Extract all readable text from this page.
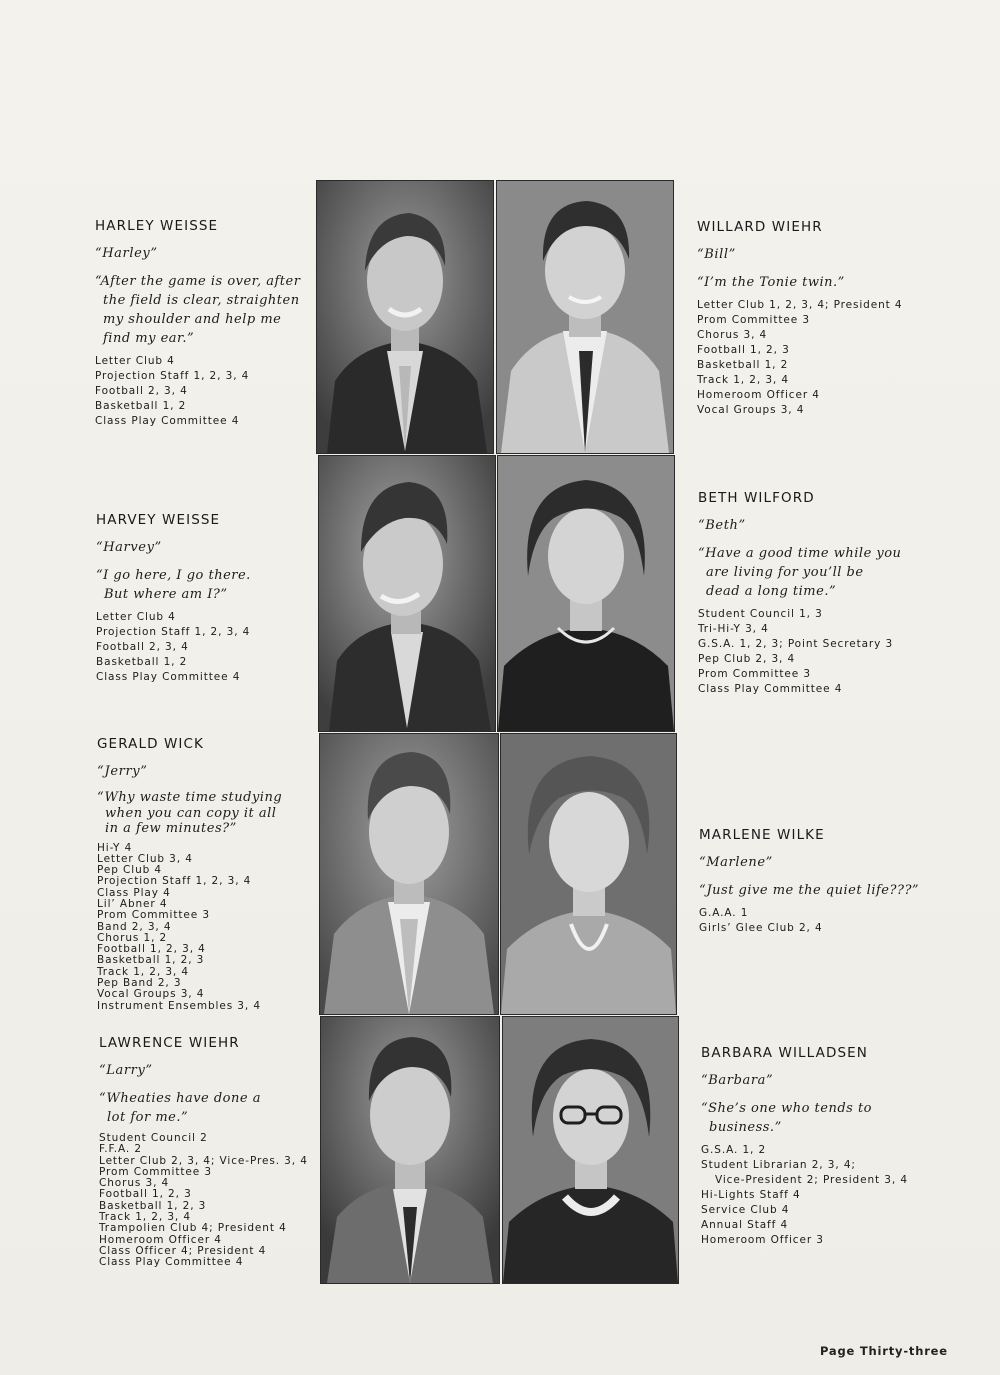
HARLEY WEISSE
“Harley”
“After the game is over, after
the field is clear, straighten
my shoulder and help me
find my ear.”
Letter Club 4
Projection Staff 1, 2, 3, 4
Football 2, 3, 4
Basketball 1, 2
Class Play Committee 4
HARVEY WEISSE
“Harvey”
“I go here, I go there.
But where am I?”
Letter Club 4
Projection Staff 1, 2, 3, 4
Football 2, 3, 4
Basketball 1, 2
Class Play Committee 4
GERALD WICK
“Jerry”
“Why waste time studying
when you can copy it all
in a few minutes?”
Hi-Y 4
Letter Club 3, 4
Pep Club 4
Projection Staff 1, 2, 3, 4
Class Play 4
Lil’ Abner 4
Prom Committee 3
Band 2, 3, 4
Chorus 1, 2
Football 1, 2, 3, 4
Basketball 1, 2, 3
Track 1, 2, 3, 4
Pep Band 2, 3
Vocal Groups 3, 4
Instrument Ensembles 3, 4
LAWRENCE WIEHR
“Larry”
“Wheaties have done a
lot for me.”
Student Council 2
F.F.A. 2
Letter Club 2, 3, 4; Vice-Pres. 3, 4
Prom Committee 3
Chorus 3, 4
Football 1, 2, 3
Basketball 1, 2, 3
Track 1, 2, 3, 4
Trampolien Club 4; President 4
Homeroom Officer 4
Class Officer 4; President 4
Class Play Committee 4
WILLARD WIEHR
“Bill”
“I’m the Tonie twin.”
Letter Club 1, 2, 3, 4; President 4
Prom Committee 3
Chorus 3, 4
Football 1, 2, 3
Basketball 1, 2
Track 1, 2, 3, 4
Homeroom Officer 4
Vocal Groups 3, 4
BETH WILFORD
“Beth”
“Have a good time while you
are living for you’ll be
dead a long time.”
Student Council 1, 3
Tri-Hi-Y 3, 4
G.S.A. 1, 2, 3; Point Secretary 3
Pep Club 2, 3, 4
Prom Committee 3
Class Play Committee 4
MARLENE WILKE
“Marlene”
“Just give me the quiet life???”
G.A.A. 1
Girls’ Glee Club 2, 4
BARBARA WILLADSEN
“Barbara”
“She’s one who tends to
business.”
G.S.A. 1, 2
Student Librarian 2, 3, 4;
Vice-President 2; President 3, 4
Hi-Lights Staff 4
Service Club 4
Annual Staff 4
Homeroom Officer 3
Page Thirty-three
